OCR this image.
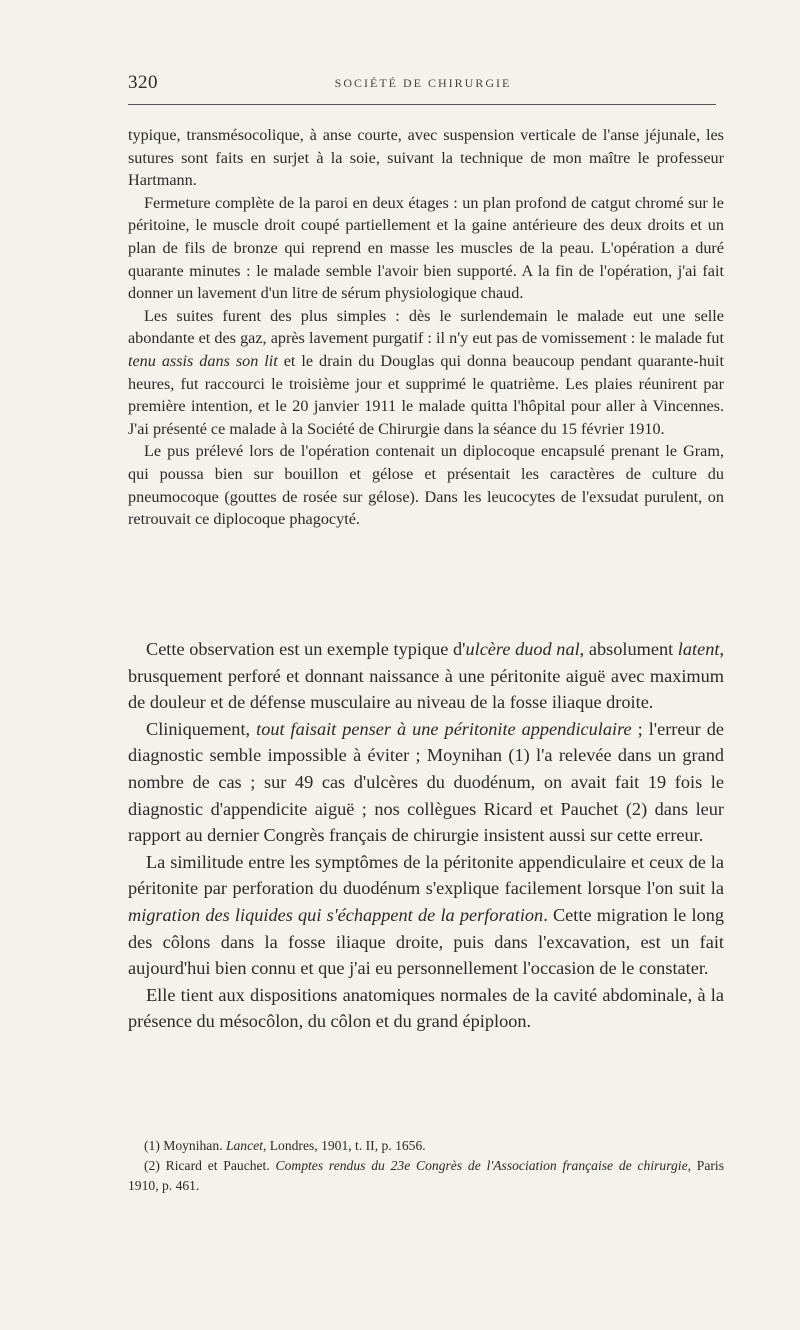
320	SOCIÉTÉ DE CHIRURGIE

typique, transmésocolique, à anse courte, avec suspension verticale de l'anse jéjunale, les sutures sont faits en surjet à la soie, suivant la technique de mon maître le professeur Hartmann.

Fermeture complète de la paroi en deux étages : un plan profond de catgut chromé sur le péritoine, le muscle droit coupé partiellement et la gaine antérieure des deux droits et un plan de fils de bronze qui reprend en masse les muscles de la peau. L'opération a duré quarante minutes : le malade semble l'avoir bien supporté. A la fin de l'opération, j'ai fait donner un lavement d'un litre de sérum physiologique chaud.

Les suites furent des plus simples : dès le surlendemain le malade eut une selle abondante et des gaz, après lavement purgatif : il n'y eut pas de vomissement : le malade fut tenu assis dans son lit et le drain du Douglas qui donna beaucoup pendant quarante-huit heures, fut raccourci le troisième jour et supprimé le quatrième. Les plaies réunirent par première intention, et le 20 janvier 1911 le malade quitta l'hôpital pour aller à Vincennes. J'ai présenté ce malade à la Société de Chirurgie dans la séance du 15 février 1910.

Le pus prélevé lors de l'opération contenait un diplocoque encapsulé prenant le Gram, qui poussa bien sur bouillon et gélose et présentait les caractères de culture du pneumocoque (gouttes de rosée sur gélose). Dans les leucocytes de l'exsudat purulent, on retrouvait ce diplocoque phagocyté.

Cette observation est un exemple typique d'ulcère duod nal, absolument latent, brusquement perforé et donnant naissance à une péritonite aiguë avec maximum de douleur et de défense musculaire au niveau de la fosse iliaque droite.

Cliniquement, tout faisait penser à une péritonite appendiculaire ; l'erreur de diagnostic semble impossible à éviter ; Moynihan (1) l'a relevée dans un grand nombre de cas ; sur 49 cas d'ulcères du duodénum, on avait fait 19 fois le diagnostic d'appendicite aiguë ; nos collègues Ricard et Pauchet (2) dans leur rapport au dernier Congrès français de chirurgie insistent aussi sur cette erreur.

La similitude entre les symptômes de la péritonite appendiculaire et ceux de la péritonite par perforation du duodénum s'explique facilement lorsque l'on suit la migration des liquides qui s'échappent de la perforation. Cette migration le long des côlons dans la fosse iliaque droite, puis dans l'excavation, est un fait aujourd'hui bien connu et que j'ai eu personnellement l'occasion de le constater.

Elle tient aux dispositions anatomiques normales de la cavité abdominale, à la présence du mésocôlon, du côlon et du grand épiploon.

(1) Moynihan. Lancet, Londres, 1901, t. II, p. 1656.

(2) Ricard et Pauchet. Comptes rendus du 23e Congrès de l'Association française de chirurgie, Paris 1910, p. 461.
